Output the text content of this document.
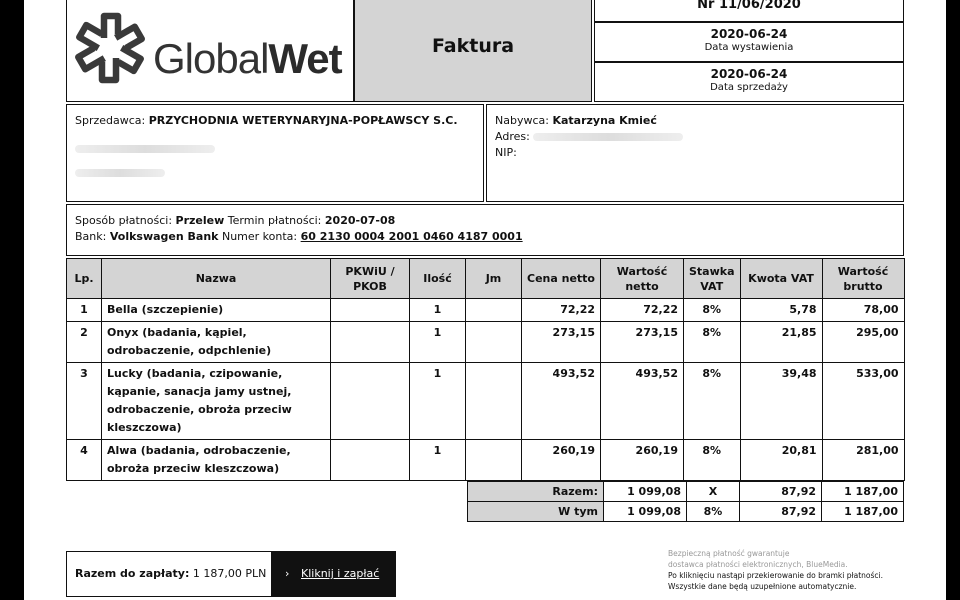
GlobalWet	Faktura
Nr 11/06/2020
2020-06-24
Data wystawienia
2020-06-24
Data sprzedaży
Sprzedawca: PRZYCHODNIA WETERYNARYJNA-POPŁAWSCY S.C.	Nabywca: Katarzyna Kmieć
Adres:
NIP:
Sposób płatności: Przelew Termin płatności: 2020-07-08
Bank: Volkswagen Bank Numer konta: 60 2130 0004 2001 0460 4187 0001
Lp.	Nazwa	PKWiU / PKOB	Ilość	Jm	Cena netto	Wartość netto	Stawka VAT	Kwota VAT	Wartość brutto
1	Bella (szczepienie)		1		72,22	72,22	8%	5,78	78,00
2	Onyx (badania, kąpiel, odrobaczenie, odpchlenie)		1		273,15	273,15	8%	21,85	295,00
3	Lucky (badania, czipowanie, kąpanie, sanacja jamy ustnej, odrobaczenie, obroża przeciw kleszczowa)		1		493,52	493,52	8%	39,48	533,00
4	Alwa (badania, odrobaczenie, obroża przeciw kleszczowa)		1		260,19	260,19	8%	20,81	281,00
Razem:	1 099,08	X	87,92	1 187,00
W tym	1 099,08	8%	87,92	1 187,00
Razem do zapłaty: 1 187,00 PLN › Kliknij i zapłać
Bezpieczną płatność gwarantuje
dostawca płatności elektronicznych, BlueMedia.
Po kliknięciu nastąpi przekierowanie do bramki płatności.
Wszystkie dane będą uzupełnione automatycznie.
